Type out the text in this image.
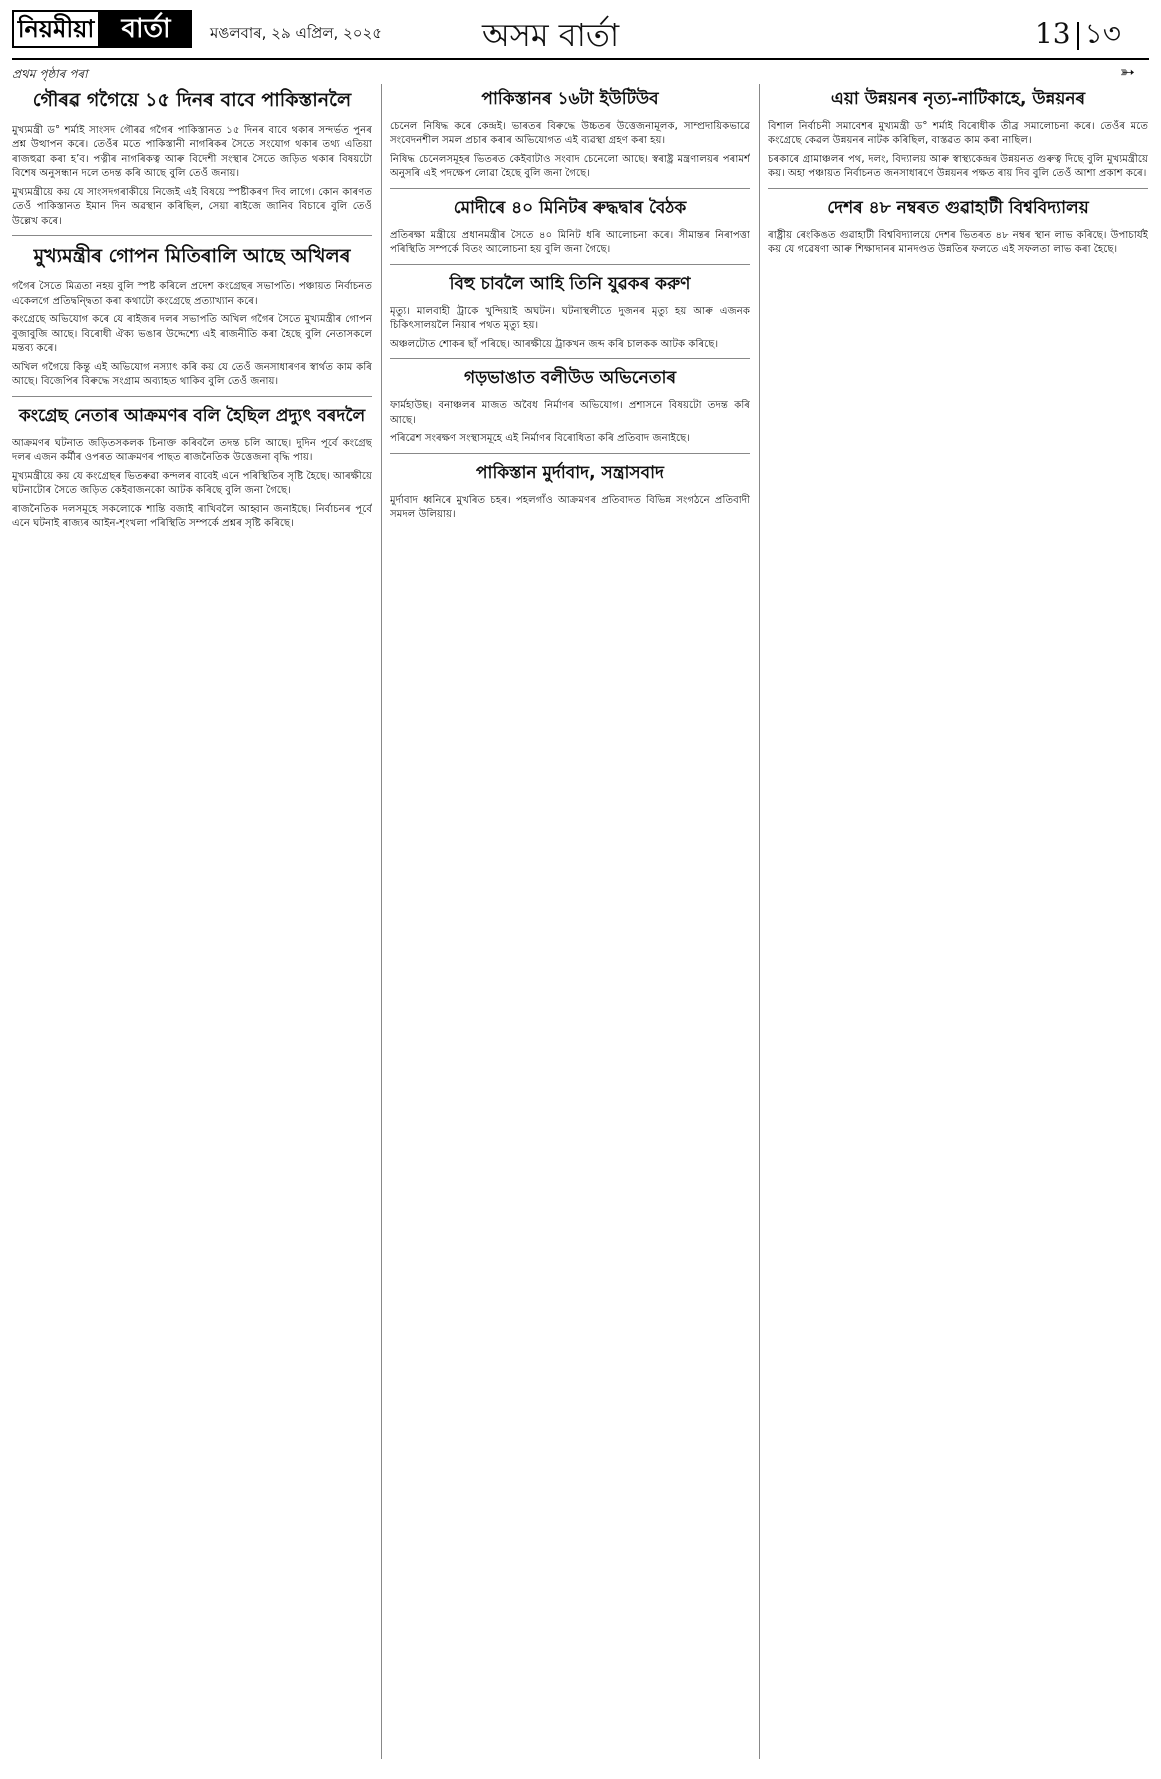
নিয়মীয়া	বাৰ্তা	মঙলবাৰ, ২৯ এপ্ৰিল, ২০২৫	অসম বাৰ্তা	13 ১৩
প্ৰথম পৃষ্ঠাৰ পৰা	➳
গৌৰৱ গগৈয়ে ১৫ দিনৰ বাবে পাকিস্তানলৈ

মুখ্যমন্ত্ৰী ড° শৰ্মাই সাংসদ গৌৰৱ গগৈৰ পাকিস্তানত ১৫ দিনৰ বাবে থকাৰ সন্দৰ্ভত পুনৰ প্ৰশ্ন উত্থাপন কৰে। তেওঁৰ মতে পাকিস্তানী নাগৰিকৰ সৈতে সংযোগ থকাৰ তথ্য এতিয়া ৰাজহুৱা কৰা হ’ব। পত্নীৰ নাগৰিকত্ব আৰু বিদেশী সংস্থাৰ সৈতে জড়িত থকাৰ বিষয়টো বিশেষ অনুসন্ধান দলে তদন্ত কৰি আছে বুলি তেওঁ জনায়।

মুখ্যমন্ত্ৰীয়ে কয় যে সাংসদগৰাকীয়ে নিজেই এই বিষয়ে স্পষ্টীকৰণ দিব লাগে। কোন কাৰণত তেওঁ পাকিস্তানত ইমান দিন অৱস্থান কৰিছিল, সেয়া ৰাইজে জানিব বিচাৰে বুলি তেওঁ উল্লেখ কৰে।

মুখ্যমন্ত্ৰীৰ গোপন মিতিৰালি আছে অখিলৰ

গগৈৰ সৈতে মিত্ৰতা নহয় বুলি স্পষ্ট কৰিলে প্ৰদেশ কংগ্ৰেছৰ সভাপতি। পঞ্চায়ত নিৰ্বাচনত একেলগে প্ৰতিদ্বন্দ্বিতা কৰা কথাটো কংগ্ৰেছে প্ৰত্যাখ্যান কৰে।

কংগ্ৰেছে অভিযোগ কৰে যে ৰাইজৰ দলৰ সভাপতি অখিল গগৈৰ সৈতে মুখ্যমন্ত্ৰীৰ গোপন বুজাবুজি আছে। বিৰোধী ঐক্য ভঙাৰ উদ্দেশ্যে এই ৰাজনীতি কৰা হৈছে বুলি নেতাসকলে মন্তব্য কৰে।

অখিল গগৈয়ে কিন্তু এই অভিযোগ নস্যাৎ কৰি কয় যে তেওঁ জনসাধাৰণৰ স্বাৰ্থত কাম কৰি আছে। বিজেপিৰ বিৰুদ্ধে সংগ্ৰাম অব্যাহত থাকিব বুলি তেওঁ জনায়।

কংগ্ৰেছ নেতাৰ আক্ৰমণৰ বলি হৈছিল প্ৰদ্যুৎ বৰদলৈ

আক্ৰমণৰ ঘটনাত জড়িতসকলক চিনাক্ত কৰিবলৈ তদন্ত চলি আছে। দুদিন পূৰ্বে কংগ্ৰেছ দলৰ এজন কৰ্মীৰ ওপৰত আক্ৰমণৰ পাছত ৰাজনৈতিক উত্তেজনা বৃদ্ধি পায়।

মুখ্যমন্ত্ৰীয়ে কয় যে কংগ্ৰেছৰ ভিতৰুৱা কন্দলৰ বাবেই এনে পৰিস্থিতিৰ সৃষ্টি হৈছে। আৰক্ষীয়ে ঘটনাটোৰ সৈতে জড়িত কেইবাজনকো আটক কৰিছে বুলি জনা গৈছে।

ৰাজনৈতিক দলসমূহে সকলোকে শান্তি বজাই ৰাখিবলৈ আহ্বান জনাইছে। নিৰ্বাচনৰ পূৰ্বে এনে ঘটনাই ৰাজ্যৰ আইন-শৃংখলা পৰিস্থিতি সম্পৰ্কে প্ৰশ্নৰ সৃষ্টি কৰিছে।

পাকিস্তানৰ ১৬টা ইউটিউব

চেনেল নিষিদ্ধ কৰে কেন্দ্ৰই। ভাৰতৰ বিৰুদ্ধে উচ্চতৰ উত্তেজনামূলক, সাম্প্ৰদায়িকভাৱে সংবেদনশীল সমল প্ৰচাৰ কৰাৰ অভিযোগত এই ব্যৱস্থা গ্ৰহণ কৰা হয়।

নিষিদ্ধ চেনেলসমূহৰ ভিতৰত কেইবাটাও সংবাদ চেনেলো আছে। স্বৰাষ্ট্ৰ মন্ত্ৰণালয়ৰ পৰামৰ্শ অনুসৰি এই পদক্ষেপ লোৱা হৈছে বুলি জনা গৈছে।

মোদীৰে ৪০ মিনিটৰ ৰুদ্ধদ্বাৰ বৈঠক

প্ৰতিৰক্ষা মন্ত্ৰীয়ে প্ৰধানমন্ত্ৰীৰ সৈতে ৪০ মিনিট ধৰি আলোচনা কৰে। সীমান্তৰ নিৰাপত্তা পৰিস্থিতি সম্পৰ্কে বিতং আলোচনা হয় বুলি জনা গৈছে।

বিহু চাবলৈ আহি তিনি যুৱকৰ করুণ

মৃত্যু। মালবাহী ট্ৰাকে খুন্দিয়াই অঘটন। ঘটনাস্থলীতে দুজনৰ মৃত্যু হয় আৰু এজনক চিকিৎসালয়লৈ নিয়াৰ পথত মৃত্যু হয়।

অঞ্চলটোত শোকৰ ছাঁ পৰিছে। আৰক্ষীয়ে ট্ৰাকখন জব্দ কৰি চালকক আটক কৰিছে।

গড়ভাঙাত বলীউড অভিনেতাৰ

ফাৰ্মহাউছ। বনাঞ্চলৰ মাজত অবৈধ নিৰ্মাণৰ অভিযোগ। প্ৰশাসনে বিষয়টো তদন্ত কৰি আছে।

পৰিৱেশ সংৰক্ষণ সংস্থাসমূহে এই নিৰ্মাণৰ বিৰোধিতা কৰি প্ৰতিবাদ জনাইছে।

পাকিস্তান মুৰ্দাবাদ, সন্ত্ৰাসবাদ

মুৰ্দাবাদ ধ্বনিৰে মুখৰিত চহৰ। পহলগাঁও আক্ৰমণৰ প্ৰতিবাদত বিভিন্ন সংগঠনে প্ৰতিবাদী সমদল উলিয়ায়।

এয়া উন্নয়নৰ নৃত্য-নাটিকাহে, উন্নয়নৰ

বিশাল নিৰ্বাচনী সমাবেশৰ মুখ্যমন্ত্ৰী ড° শৰ্মাই বিৰোধীক তীব্ৰ সমালোচনা কৰে। তেওঁৰ মতে কংগ্ৰেছে কেৱল উন্নয়নৰ নাটক কৰিছিল, বাস্তৱত কাম কৰা নাছিল।

চৰকাৰে গ্ৰামাঞ্চলৰ পথ, দলং, বিদ্যালয় আৰু স্বাস্থ্যকেন্দ্ৰৰ উন্নয়নত গুৰুত্ব দিছে বুলি মুখ্যমন্ত্ৰীয়ে কয়। অহা পঞ্চায়ত নিৰ্বাচনত জনসাধাৰণে উন্নয়নৰ পক্ষত ৰায় দিব বুলি তেওঁ আশা প্ৰকাশ কৰে।

দেশৰ ৪৮ নম্বৰত গুৱাহাটী বিশ্ববিদ্যালয়

ৰাষ্ট্ৰীয় ৰেংকিঙত গুৱাহাটী বিশ্ববিদ্যালয়ে দেশৰ ভিতৰত ৪৮ নম্বৰ স্থান লাভ কৰিছে। উপাচাৰ্যই কয় যে গৱেষণা আৰু শিক্ষাদানৰ মানদণ্ডত উন্নতিৰ ফলতে এই সফলতা লাভ কৰা হৈছে।
